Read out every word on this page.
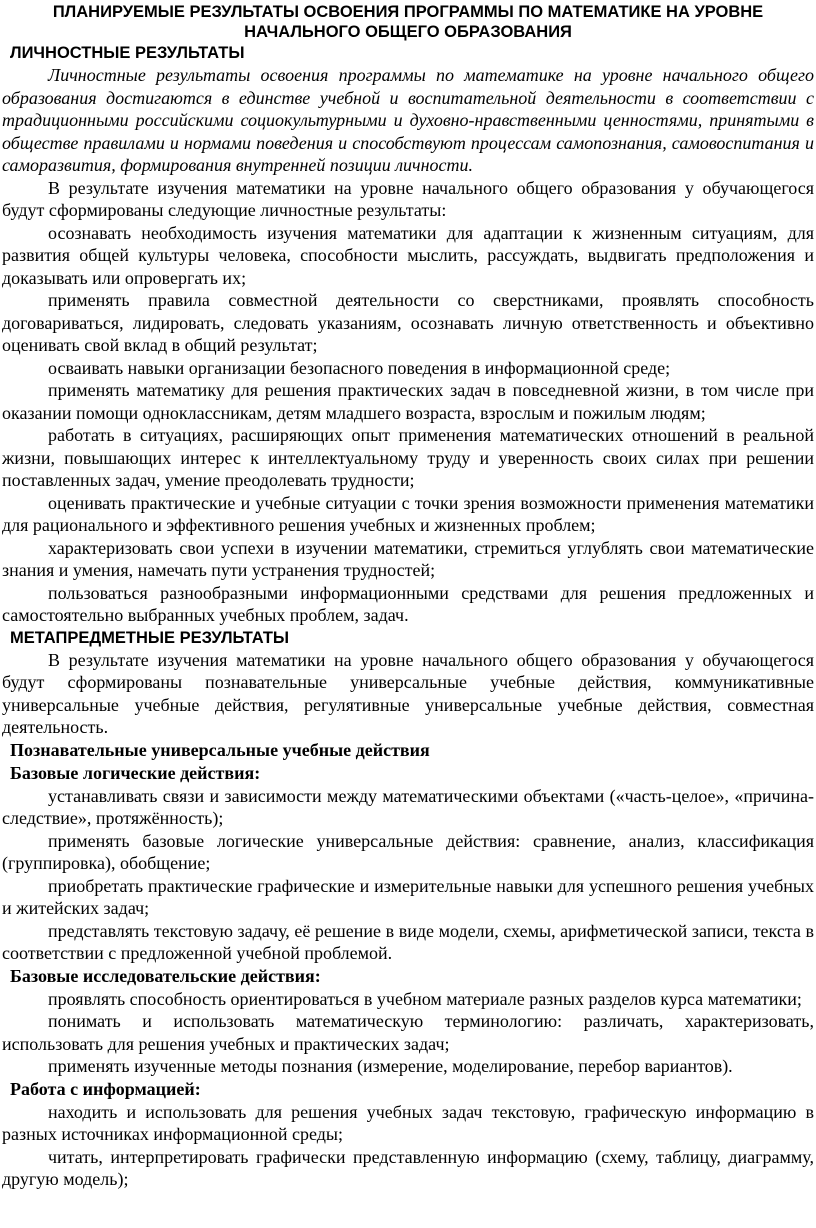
ПЛАНИРУЕМЫЕ РЕЗУЛЬТАТЫ ОСВОЕНИЯ ПРОГРАММЫ ПО МАТЕМАТИКЕ НА УРОВНЕ НАЧАЛЬНОГО ОБЩЕГО ОБРАЗОВАНИЯ
ЛИЧНОСТНЫЕ РЕЗУЛЬТАТЫ

Личностные результаты освоения программы по математике на уровне начального общего образования достигаются в единстве учебной и воспитательной деятельности в соответствии с традиционными российскими социокультурными и духовно-нравственными ценностями, принятыми в обществе правилами и нормами поведения и способствуют процессам самопознания, самовоспитания и саморазвития, формирования внутренней позиции личности.

В результате изучения математики на уровне начального общего образования у обучающегося будут сформированы следующие личностные результаты:

осознавать необходимость изучения математики для адаптации к жизненным ситуациям, для развития общей культуры человека, способности мыслить, рассуждать, выдвигать предположения и доказывать или опровергать их;

применять правила совместной деятельности со сверстниками, проявлять способность договариваться, лидировать, следовать указаниям, осознавать личную ответственность и объективно оценивать свой вклад в общий результат;

осваивать навыки организации безопасного поведения в информационной среде;

применять математику для решения практических задач в повседневной жизни, в том числе при оказании помощи одноклассникам, детям младшего возраста, взрослым и пожилым людям;

работать в ситуациях, расширяющих опыт применения математических отношений в реальной жизни, повышающих интерес к интеллектуальному труду и уверенность своих силах при решении поставленных задач, умение преодолевать трудности;

оценивать практические и учебные ситуации с точки зрения возможности применения математики для рационального и эффективного решения учебных и жизненных проблем;

характеризовать свои успехи в изучении математики, стремиться углублять свои математические знания и умения, намечать пути устранения трудностей;

пользоваться разнообразными информационными средствами для решения предложенных и самостоятельно выбранных учебных проблем, задач.

МЕТАПРЕДМЕТНЫЕ РЕЗУЛЬТАТЫ

В результате изучения математики на уровне начального общего образования у обучающегося будут сформированы познавательные универсальные учебные действия, коммуникативные универсальные учебные действия, регулятивные универсальные учебные действия, совместная деятельность.

Познавательные универсальные учебные действия
Базовые логические действия:

устанавливать связи и зависимости между математическими объектами («часть-целое», «причина-следствие», протяжённость);

применять базовые логические универсальные действия: сравнение, анализ, классификация (группировка), обобщение;

приобретать практические графические и измерительные навыки для успешного решения учебных и житейских задач;

представлять текстовую задачу, её решение в виде модели, схемы, арифметической записи, текста в соответствии с предложенной учебной проблемой.

Базовые исследовательские действия:

проявлять способность ориентироваться в учебном материале разных разделов курса математики;

понимать и использовать математическую терминологию: различать, характеризовать, использовать для решения учебных и практических задач;

применять изученные методы познания (измерение, моделирование, перебор вариантов).

Работа с информацией:

находить и использовать для решения учебных задач текстовую, графическую информацию в разных источниках информационной среды;

читать, интерпретировать графически представленную информацию (схему, таблицу, диаграмму, другую модель);
